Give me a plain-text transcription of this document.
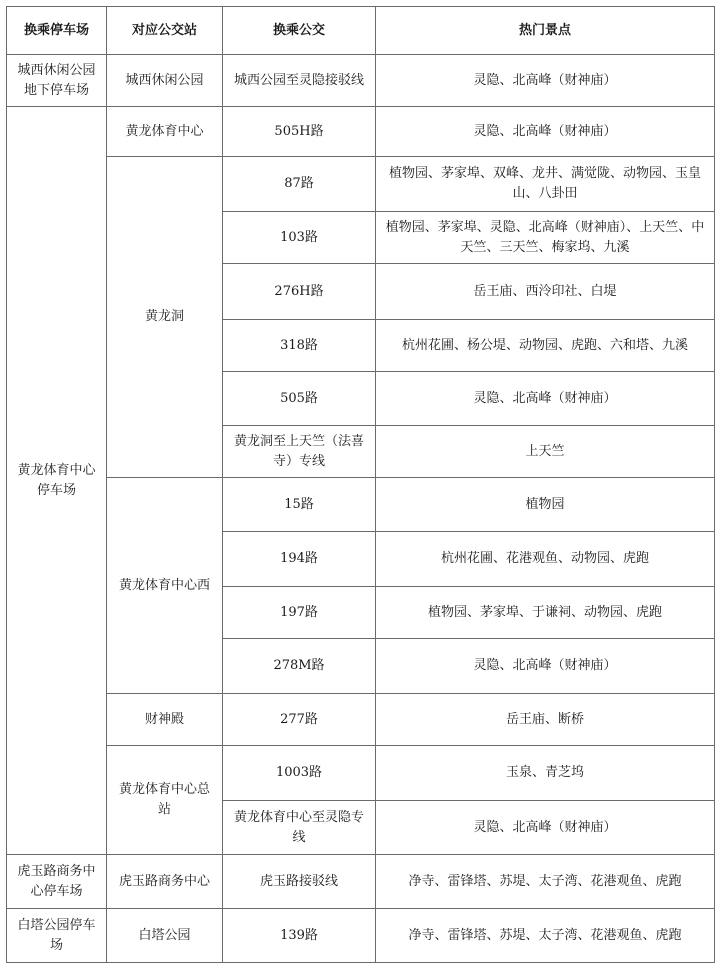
换乘停车场	对应公交站	换乘公交	热门景点
城西休闲公园
地下停车场	城西休闲公园	城西公园至灵隐接驳线	灵隐、北高峰（财神庙）
黄龙体育中心停车场	黄龙体育中心	505H路	灵隐、北高峰（财神庙）
	黄龙洞	87路	植物园、茅家埠、双峰、龙井、满觉陇、动物园、玉皇山、八卦田
		103路	植物园、茅家埠、灵隐、北高峰（财神庙）、上天竺、中天竺、三天竺、梅家坞、九溪
		276H路	岳王庙、西泠印社、白堤
		318路	杭州花圃、杨公堤、动物园、虎跑、六和塔、九溪
		505路	灵隐、北高峰（财神庙）
		黄龙洞至上天竺（法喜寺）专线	上天竺
	黄龙体育中心西	15路	植物园
		194路	杭州花圃、花港观鱼、动物园、虎跑
		197路	植物园、茅家埠、于谦祠、动物园、虎跑
		278M路	灵隐、北高峰（财神庙）
	财神殿	277路	岳王庙、断桥
	黄龙体育中心总站	1003路	玉泉、青芝坞
		黄龙体育中心至灵隐专线	灵隐、北高峰（财神庙）
虎玉路商务中心停车场	虎玉路商务中心	虎玉路接驳线	净寺、雷锋塔、苏堤、太子湾、花港观鱼、虎跑
白塔公园停车场	白塔公园	139路	净寺、雷锋塔、苏堤、太子湾、花港观鱼、虎跑
